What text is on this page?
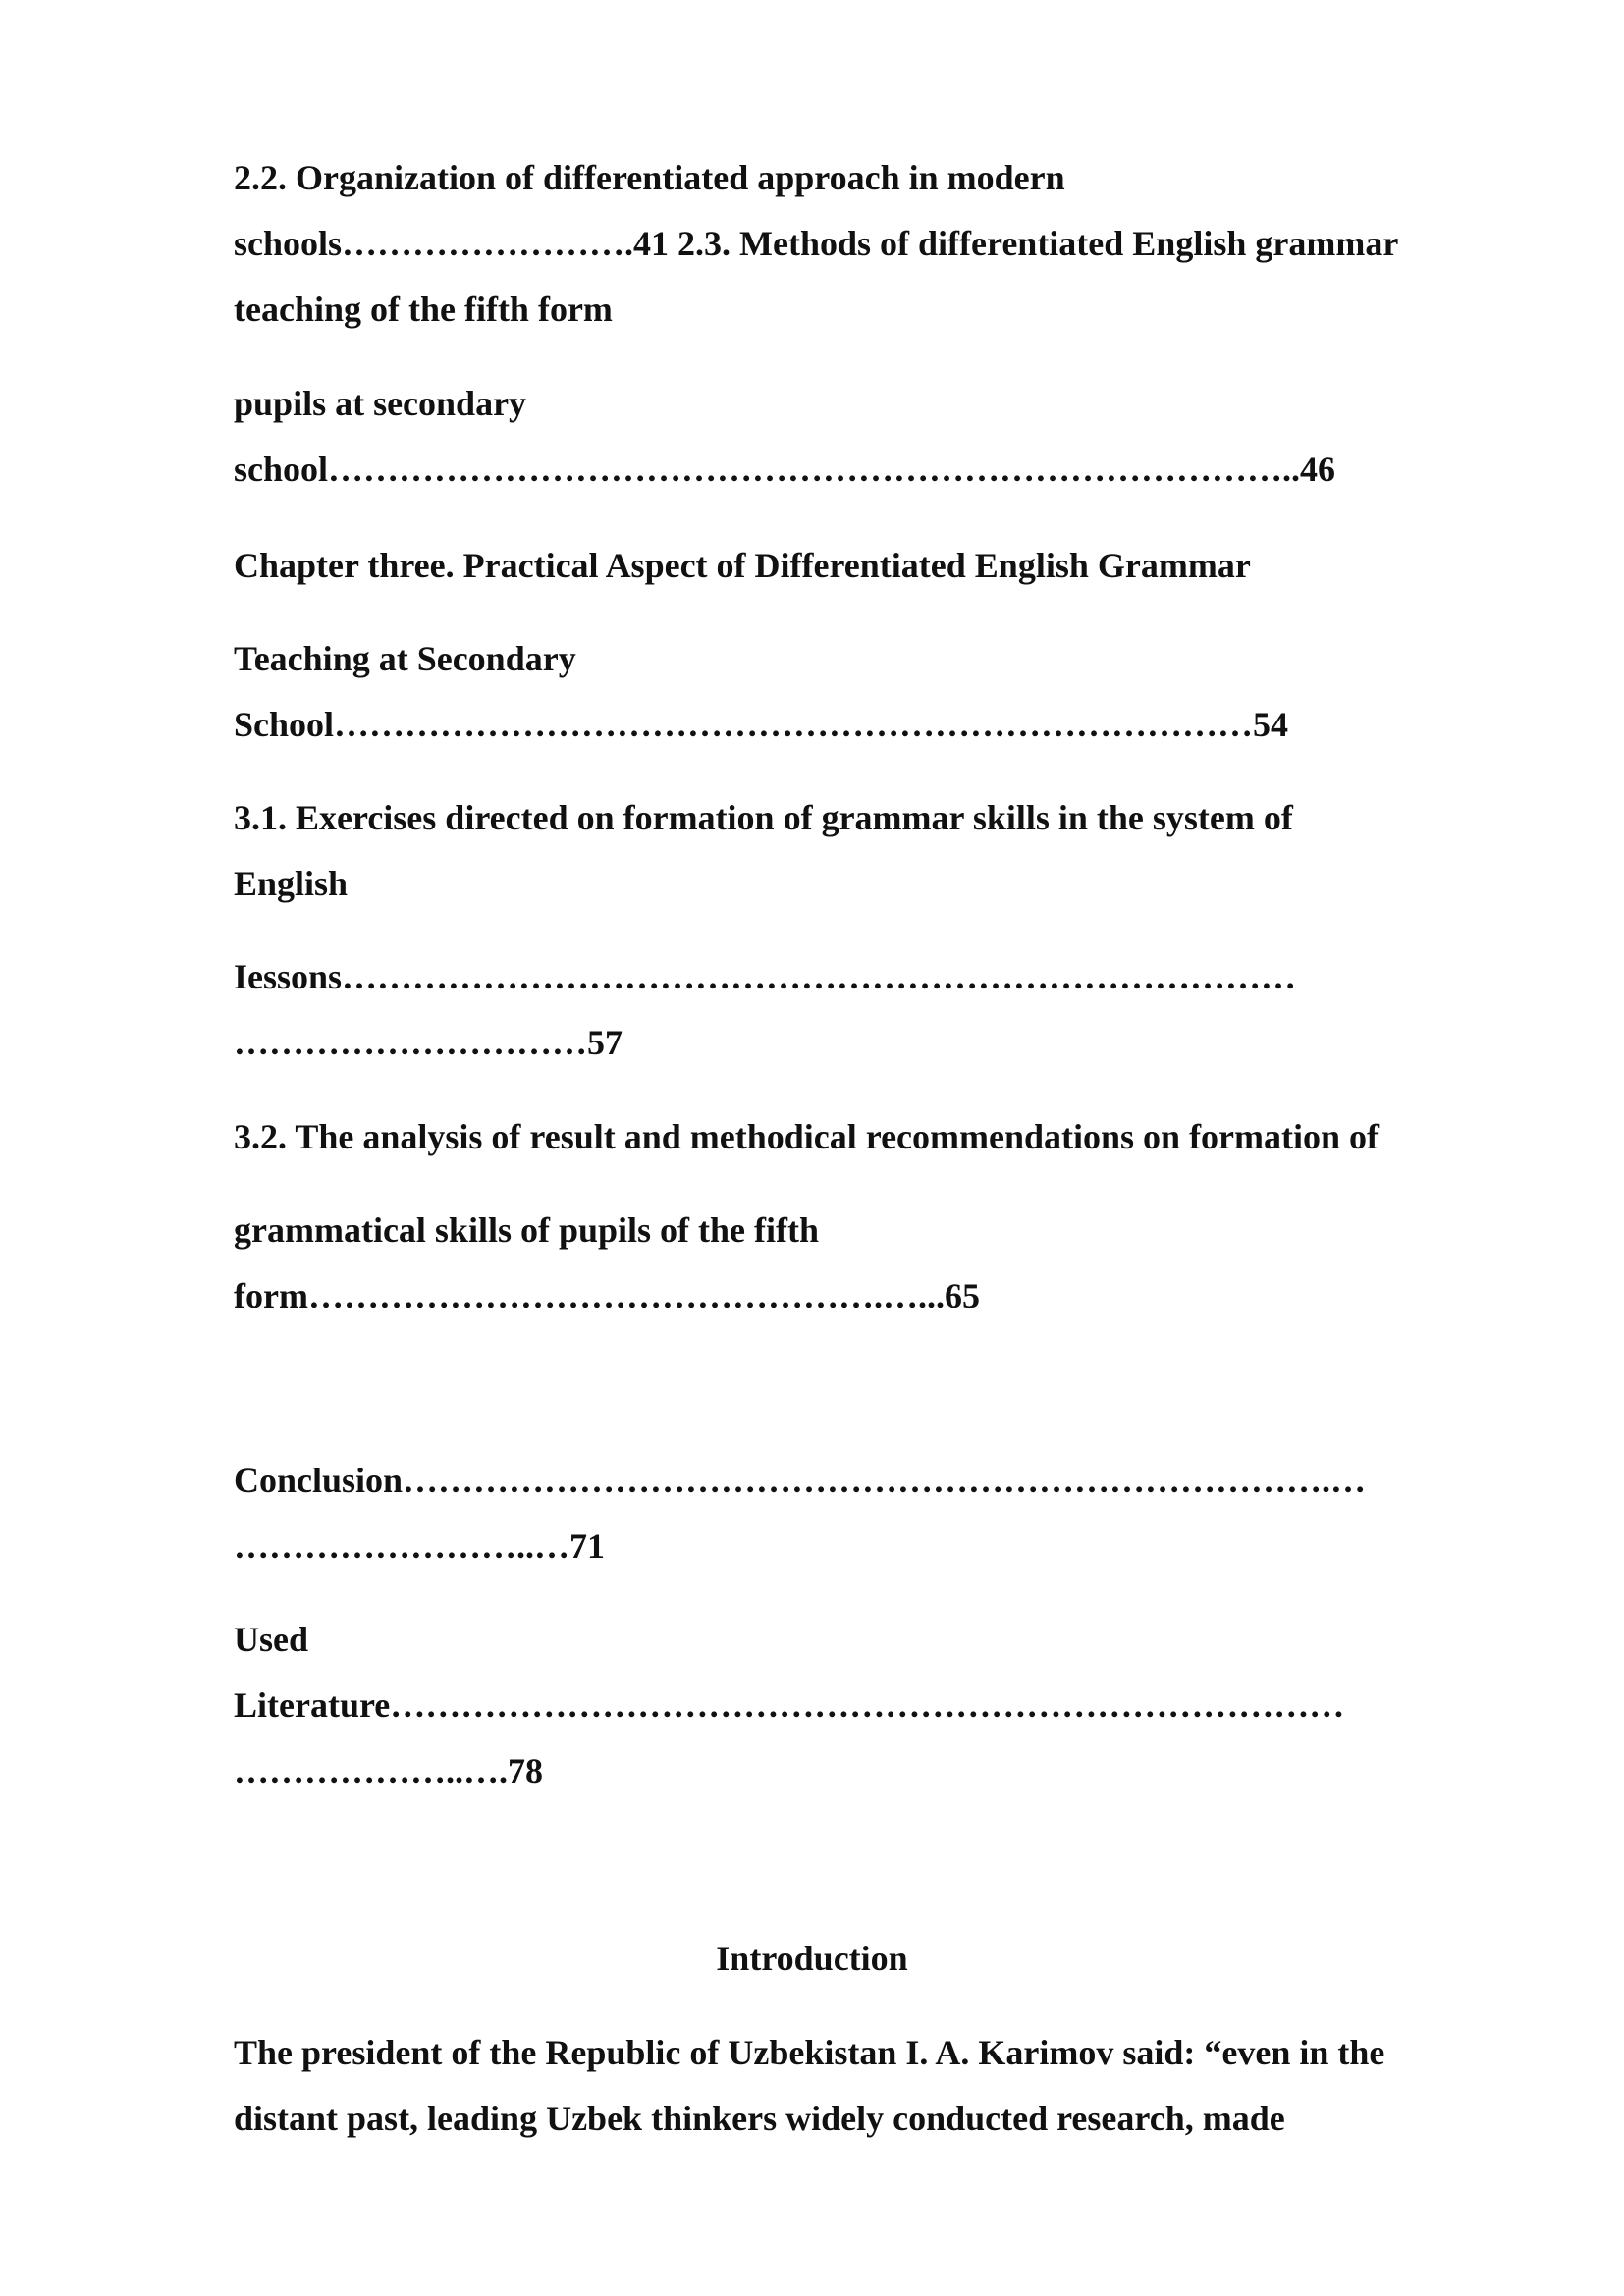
2.2. Organization of differentiated approach in modern
schools…………………….41 2.3. Methods of differentiated English grammar
teaching of the fifth form
pupils at secondary
school………………………………………………………………………..46
Chapter three. Practical Aspect of Differentiated English Grammar
Teaching at Secondary
School……………………………………………………………………54
3.1. Exercises directed on formation of grammar skills in the system of
English
Iessons………………………………………………………………………
…………………………57
3.2. The analysis of result and methodical recommendations on formation of
grammatical skills of pupils of the fifth
form………………………………………….…...65
Conclusion…………………………………………………………………….…
……………………..…71
Used
Literature………………………………………………………………………
………………..….78
Introduction
The president of the Republic of Uzbekistan I. A. Karimov said: “even in the
distant past, leading Uzbek thinkers widely conducted research, made
